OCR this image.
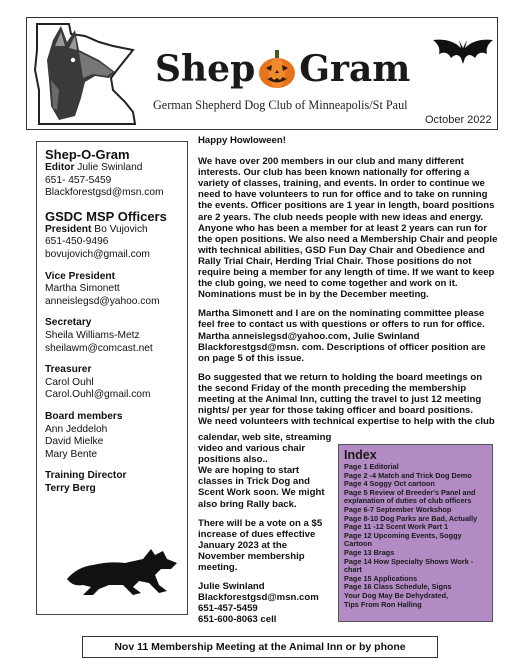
Shep Gram
German Shepherd Dog Club of Minneapolis/St Paul
October 2022
Shep-O-Gram
Editor Julie Swinland
651- 457-5459
Blackforestgsd@msn.com
GSDC MSP Officers
President Bo Vujovich
651-450-9496
bovujovich@gmail.com
Vice President
Martha Simonett
anneislegsd@yahoo.com
Secretary
Sheila Williams-Metz
sheilawm@comcast.net
Treasurer
Carol Ouhl
Carol.Ouhl@gmail.com
Board members
Ann Jeddeloh
David Mielke
Mary Bente
Training Director
Terry Berg

Happy Howloween!

We have over 200 members in our club and many different interests. Our club has been known nationally for offering a variety of classes, training, and events. In order to continue we need to have volunteers to run for office and to take on running the events. Officer positions are 1 year in length, board positions are 2 years. The club needs people with new ideas and energy. Anyone who has been a member for at least 2 years can run for the open positions. We also need a Membership Chair and people with technical abilities, GSD Fun Day Chair and Obedience and Rally Trial Chair, Herding Trial Chair. Those positions do not require being a member for any length of time. If we want to keep the club going, we need to come together and work on it. Nominations must be in by the December meeting.

Martha Simonett and I are on the nominating committee please feel free to contact us with questions or offers to run for office. Martha anneislegsd@yahoo.com, Julie Swinland Blackforestgsd@msn. com. Descriptions of officer position are on page 5 of this issue.

Bo suggested that we return to holding the board meetings on the second Friday of the month preceding the membership meeting at the Animal Inn, cutting the travel to just 12 meeting nights/ per year for those taking officer and board positions.

We need volunteers with technical expertise to help with the club

calendar, web site, streaming video and various chair positions also..

We are hoping to start classes in Trick Dog and Scent Work soon. We might also bring Rally back.

There will be a vote on a $5 increase of dues effective January 2023 at the November membership meeting.

Julie Swinland
Blackforestgsd@msn.com
651-457-5459
651-600-8063 cell
Index
Page 1 Editorial
Page 2 -4 Match and Trick Dog Demo
Page 4 Soggy Oct cartoon
Page 5 Review of Breeder's Panel and explanation of duties of club officers
Page 6-7 September Workshop
Page 8-10 Dog Parks are Bad, Actually
Page 11 -12 Scent Work Part 1
Page 12 Upcoming Events, Soggy Cartoon
Page 13 Brags
Page 14 How Specialty Shows Work - chart
Page 15 Applications
Page 16 Class Schedule, Signs
Your Dog May Be Dehydrated,
Tips From Ron Halling
Nov 11 Membership Meeting at the Animal Inn or by phone
